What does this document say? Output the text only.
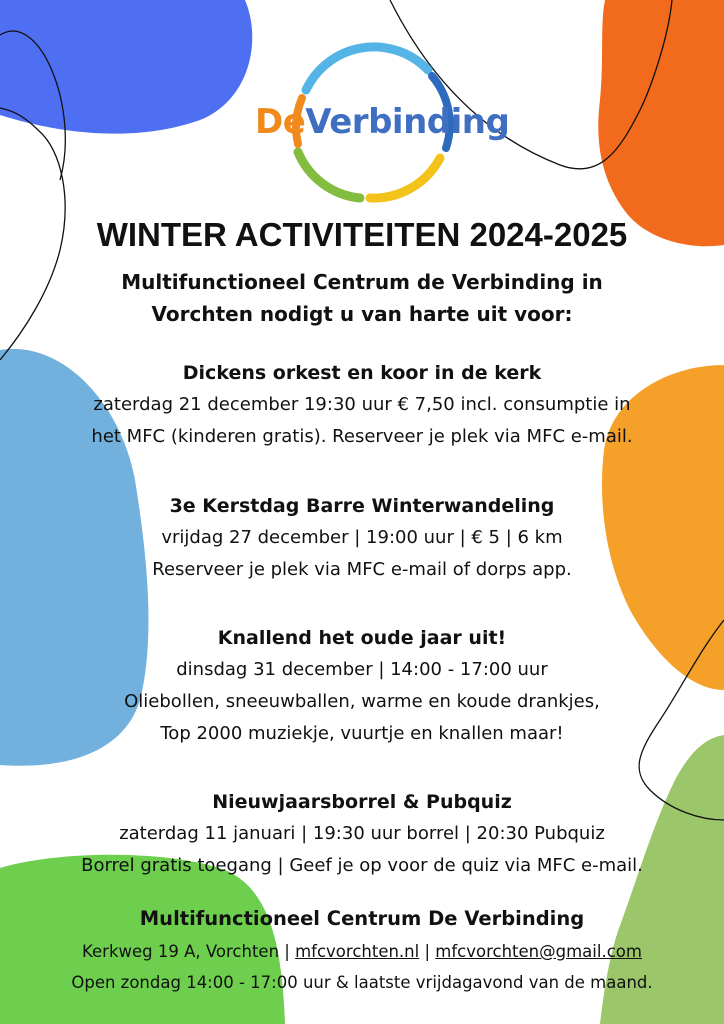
DeVerbinding
WINTER ACTIVITEITEN 2024-2025
Multifunctioneel Centrum de Verbinding in
Vorchten nodigt u van harte uit voor:
Dickens orkest en koor in de kerk
zaterdag 21 december 19:30 uur € 7,50 incl. consumptie in
het MFC (kinderen gratis). Reserveer je plek via MFC e-mail.
3e Kerstdag Barre Winterwandeling
vrijdag 27 december | 19:00 uur | € 5 | 6 km
Reserveer je plek via MFC e-mail of dorps app.
Knallend het oude jaar uit!
dinsdag 31 december | 14:00 - 17:00 uur
Oliebollen, sneeuwballen, warme en koude drankjes,
Top 2000 muziekje, vuurtje en knallen maar!
Nieuwjaarsborrel & Pubquiz
zaterdag 11 januari | 19:30 uur borrel | 20:30 Pubquiz
Borrel gratis toegang | Geef je op voor de quiz via MFC e-mail.
Multifunctioneel Centrum De Verbinding
Kerkweg 19 A, Vorchten | mfcvorchten.nl | mfcvorchten@gmail.com
Open zondag 14:00 - 17:00 uur & laatste vrijdagavond van de maand.
